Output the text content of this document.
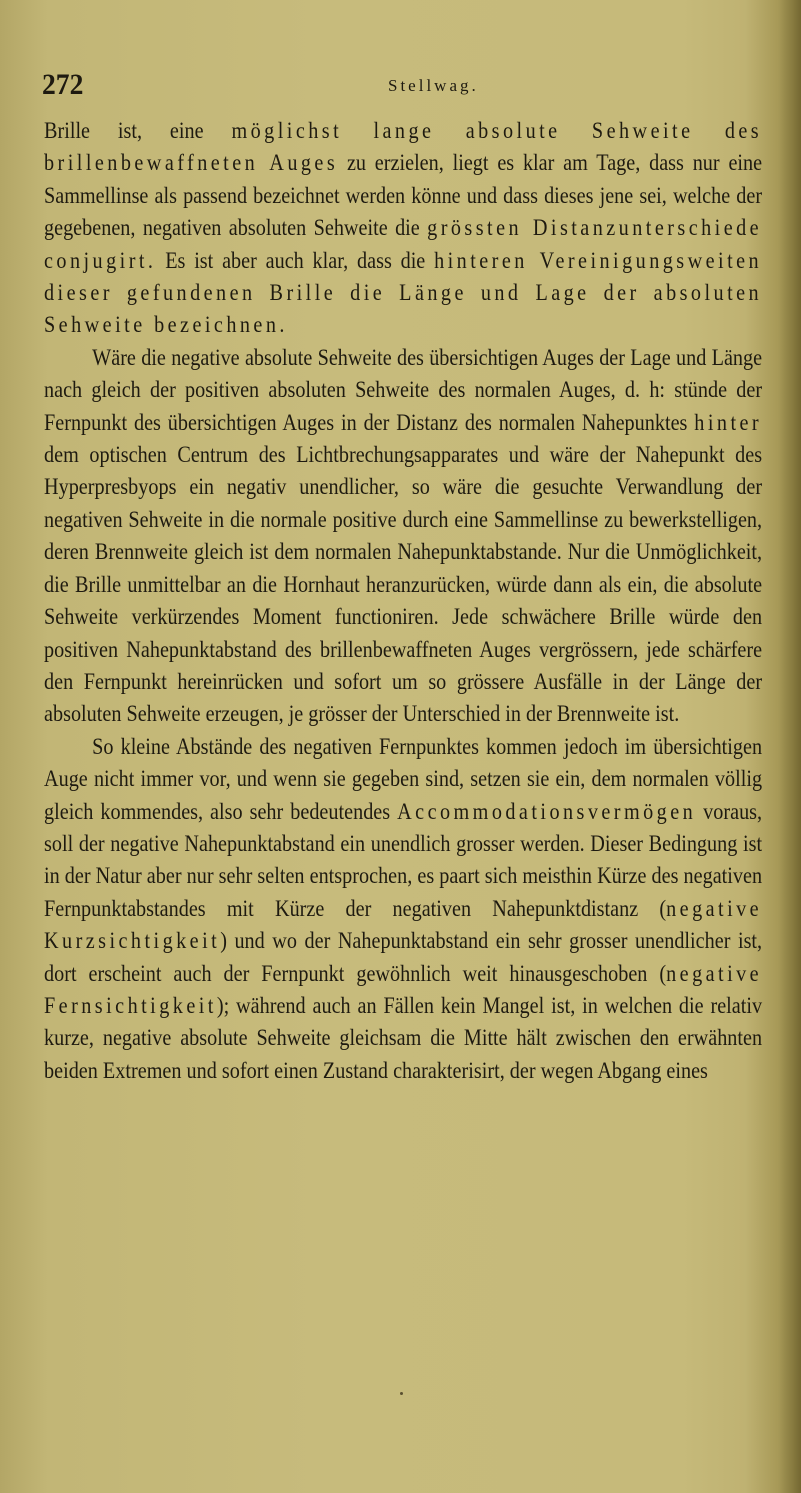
272	Stellwag.

Brille ist, eine möglichst lange absolute Sehweite des brillenbewaffneten Auges zu erzielen, liegt es klar am Tage, dass nur eine Sammellinse als passend bezeichnet werden könne und dass dieses jene sei, welche der gegebenen, negativen absoluten Sehweite die grössten Distanzunterschiede conjugirt. Es ist aber auch klar, dass die hinteren Vereinigungsweiten dieser gefundenen Brille die Länge und Lage der absoluten Sehweite bezeichnen.

Wäre die negative absolute Sehweite des übersichtigen Auges der Lage und Länge nach gleich der positiven absoluten Sehweite des normalen Auges, d. h: stünde der Fernpunkt des übersichtigen Auges in der Distanz des normalen Nahepunktes hinter dem optischen Centrum des Lichtbrechungsapparates und wäre der Nahepunkt des Hyperpresbyops ein negativ unendlicher, so wäre die gesuchte Verwandlung der negativen Sehweite in die normale positive durch eine Sammellinse zu bewerkstelligen, deren Brennweite gleich ist dem normalen Nahepunktabstande. Nur die Unmöglichkeit, die Brille unmittelbar an die Hornhaut heranzurücken, würde dann als ein, die absolute Sehweite verkürzendes Moment functioniren. Jede schwächere Brille würde den positiven Nahepunktabstand des brillenbewaffneten Auges vergrössern, jede schärfere den Fernpunkt hereinrücken und sofort um so grössere Ausfälle in der Länge der absoluten Sehweite erzeugen, je grösser der Unterschied in der Brennweite ist.

So kleine Abstände des negativen Fernpunktes kommen jedoch im übersichtigen Auge nicht immer vor, und wenn sie gegeben sind, setzen sie ein, dem normalen völlig gleich kommendes, also sehr bedeutendes Accommodationsvermögen voraus, soll der negative Nahepunktabstand ein unendlich grosser werden. Dieser Bedingung ist in der Natur aber nur sehr selten entsprochen, es paart sich meisthin Kürze des negativen Fernpunktabstandes mit Kürze der negativen Nahepunktdistanz (negative Kurzsichtigkeit) und wo der Nahepunktabstand ein sehr grosser unendlicher ist, dort erscheint auch der Fernpunkt gewöhnlich weit hinausgeschoben (negative Fernsichtigkeit); während auch an Fällen kein Mangel ist, in welchen die relativ kurze, negative absolute Sehweite gleichsam die Mitte hält zwischen den erwähnten beiden Extremen und sofort einen Zustand charakterisirt, der wegen Abgang eines
